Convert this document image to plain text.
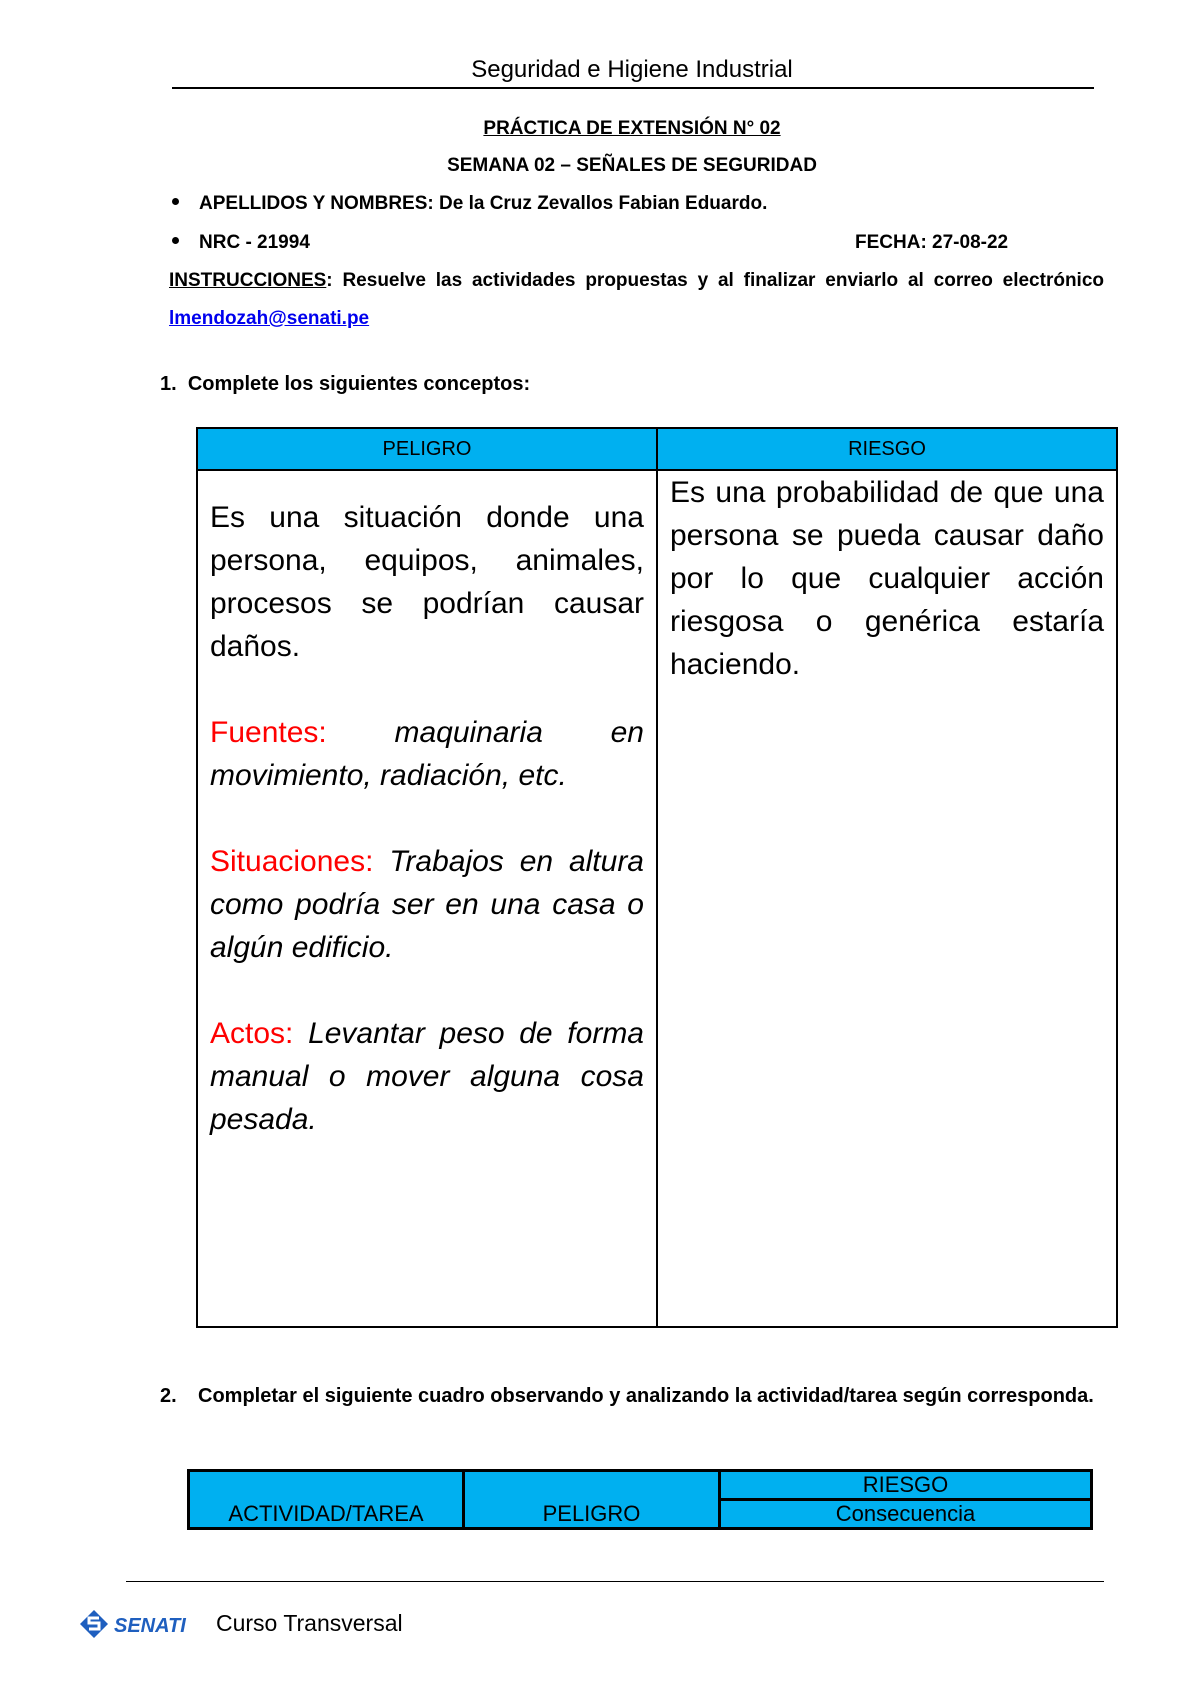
Seguridad e Higiene Industrial
PRÁCTICA DE EXTENSIÓN N° 02
SEMANA 02 – SEÑALES DE SEGURIDAD
APELLIDOS Y NOMBRES: De la Cruz Zevallos Fabian Eduardo.
NRC - 21994	FECHA: 27-08-22
INSTRUCCIONES: Resuelve las actividades propuestas y al finalizar enviarlo al correo electrónico lmendozah@senati.pe
1. Complete los siguientes conceptos:
PELIGRO	RIESGO

Es una situación donde una persona, equipos, animales, procesos se podrían causar daños.

Fuentes: maquinaria en movimiento, radiación, etc.

Situaciones: Trabajos en altura como podría ser en una casa o algún edificio.

Actos: Levantar peso de forma manual o mover alguna cosa pesada.	Es una probabilidad de que una persona se pueda causar daño por lo que cualquier acción riesgosa o genérica estaría haciendo.

2. Completar el siguiente cuadro observando y analizando la actividad/tarea según corresponda.
ACTIVIDAD/TAREA	PELIGRO	RIESGO
Consecuencia
SENATI Curso Transversal
